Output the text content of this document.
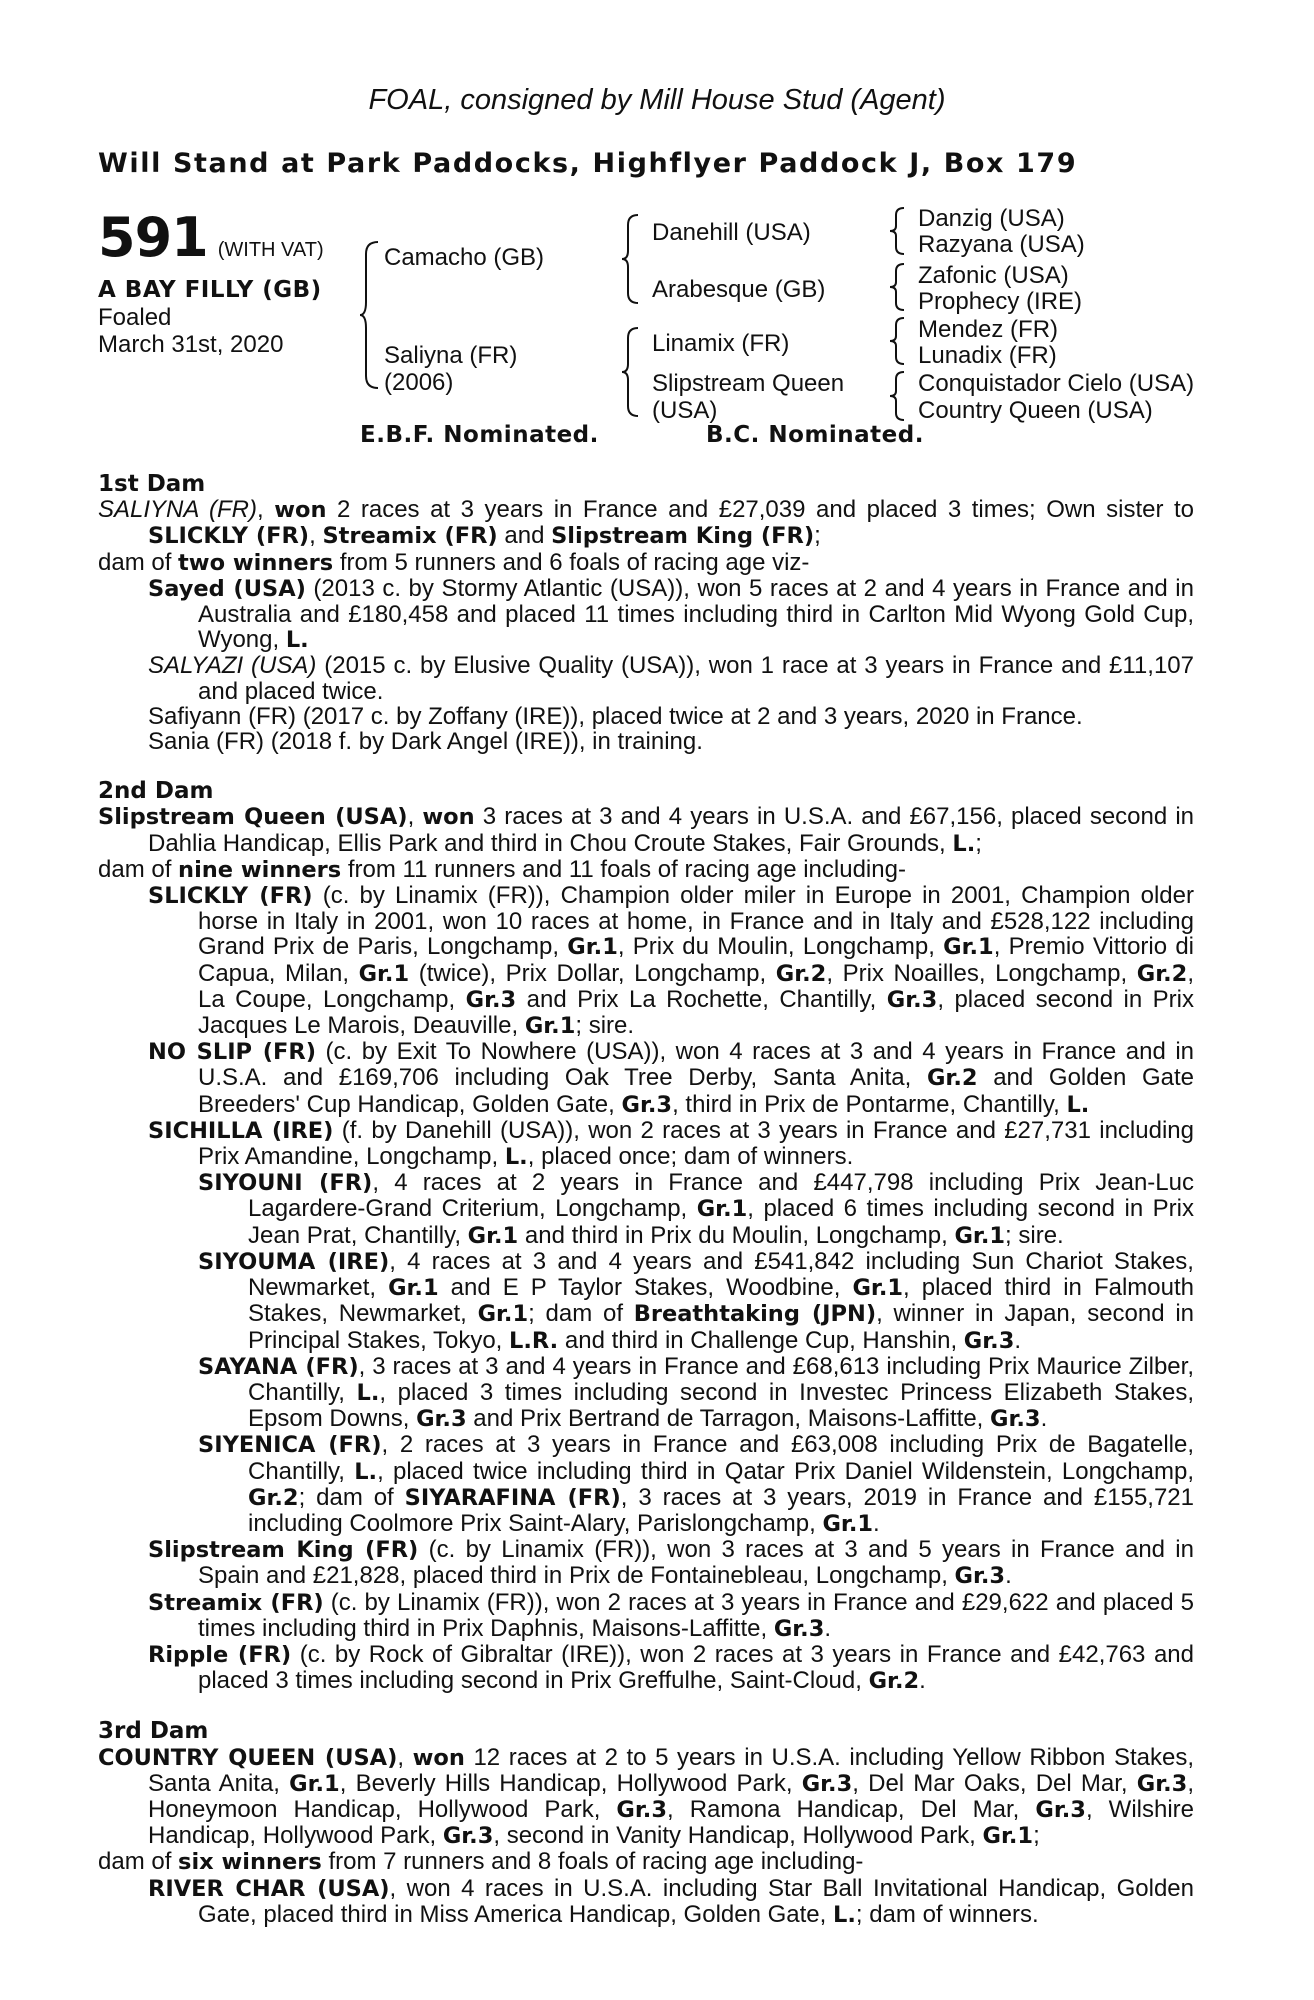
FOAL, consigned by Mill House Stud (Agent)
Will Stand at Park Paddocks, Highflyer Paddock J, Box 179
591 (WITH VAT)
A BAY FILLY (GB)
Foaled
March 31st, 2020
Camacho (GB)
Saliyna (FR)
(2006)
Danehill (USA)
Arabesque (GB)
Linamix (FR)
Slipstream Queen
(USA)
Danzig (USA)
Razyana (USA)
Zafonic (USA)
Prophecy (IRE)
Mendez (FR)
Lunadix (FR)
Conquistador Cielo (USA)
Country Queen (USA)
E.B.F. Nominated.	B.C. Nominated.

1st Dam

SALIYNA (FR), won 2 races at 3 years in France and £27,039 and placed 3 times; Own sister to SLICKLY (FR), Streamix (FR) and Slipstream King (FR);

dam of two winners from 5 runners and 6 foals of racing age viz-

Sayed (USA) (2013 c. by Stormy Atlantic (USA)), won 5 races at 2 and 4 years in France and in Australia and £180,458 and placed 11 times including third in Carlton Mid Wyong Gold Cup, Wyong, L.

SALYAZI (USA) (2015 c. by Elusive Quality (USA)), won 1 race at 3 years in France and £11,107 and placed twice.

Safiyann (FR) (2017 c. by Zoffany (IRE)), placed twice at 2 and 3 years, 2020 in France.

Sania (FR) (2018 f. by Dark Angel (IRE)), in training.

2nd Dam

Slipstream Queen (USA), won 3 races at 3 and 4 years in U.S.A. and £67,156, placed second in Dahlia Handicap, Ellis Park and third in Chou Croute Stakes, Fair Grounds, L.;

dam of nine winners from 11 runners and 11 foals of racing age including-

SLICKLY (FR) (c. by Linamix (FR)), Champion older miler in Europe in 2001, Champion older horse in Italy in 2001, won 10 races at home, in France and in Italy and £528,122 including Grand Prix de Paris, Longchamp, Gr.1, Prix du Moulin, Longchamp, Gr.1, Premio Vittorio di Capua, Milan, Gr.1 (twice), Prix Dollar, Longchamp, Gr.2, Prix Noailles, Longchamp, Gr.2, La Coupe, Longchamp, Gr.3 and Prix La Rochette, Chantilly, Gr.3, placed second in Prix Jacques Le Marois, Deauville, Gr.1; sire.

NO SLIP (FR) (c. by Exit To Nowhere (USA)), won 4 races at 3 and 4 years in France and in U.S.A. and £169,706 including Oak Tree Derby, Santa Anita, Gr.2 and Golden Gate Breeders' Cup Handicap, Golden Gate, Gr.3, third in Prix de Pontarme, Chantilly, L.

SICHILLA (IRE) (f. by Danehill (USA)), won 2 races at 3 years in France and £27,731 including Prix Amandine, Longchamp, L., placed once; dam of winners.

SIYOUNI (FR), 4 races at 2 years in France and £447,798 including Prix Jean-Luc Lagardere-Grand Criterium, Longchamp, Gr.1, placed 6 times including second in Prix Jean Prat, Chantilly, Gr.1 and third in Prix du Moulin, Longchamp, Gr.1; sire.

SIYOUMA (IRE), 4 races at 3 and 4 years and £541,842 including Sun Chariot Stakes, Newmarket, Gr.1 and E P Taylor Stakes, Woodbine, Gr.1, placed third in Falmouth Stakes, Newmarket, Gr.1; dam of Breathtaking (JPN), winner in Japan, second in Principal Stakes, Tokyo, L.R. and third in Challenge Cup, Hanshin, Gr.3.

SAYANA (FR), 3 races at 3 and 4 years in France and £68,613 including Prix Maurice Zilber, Chantilly, L., placed 3 times including second in Investec Princess Elizabeth Stakes, Epsom Downs, Gr.3 and Prix Bertrand de Tarragon, Maisons-Laffitte, Gr.3.

SIYENICA (FR), 2 races at 3 years in France and £63,008 including Prix de Bagatelle, Chantilly, L., placed twice including third in Qatar Prix Daniel Wildenstein, Longchamp, Gr.2; dam of SIYARAFINA (FR), 3 races at 3 years, 2019 in France and £155,721 including Coolmore Prix Saint-Alary, Parislongchamp, Gr.1.

Slipstream King (FR) (c. by Linamix (FR)), won 3 races at 3 and 5 years in France and in Spain and £21,828, placed third in Prix de Fontainebleau, Longchamp, Gr.3.

Streamix (FR) (c. by Linamix (FR)), won 2 races at 3 years in France and £29,622 and placed 5 times including third in Prix Daphnis, Maisons-Laffitte, Gr.3.

Ripple (FR) (c. by Rock of Gibraltar (IRE)), won 2 races at 3 years in France and £42,763 and placed 3 times including second in Prix Greffulhe, Saint-Cloud, Gr.2.

3rd Dam

COUNTRY QUEEN (USA), won 12 races at 2 to 5 years in U.S.A. including Yellow Ribbon Stakes, Santa Anita, Gr.1, Beverly Hills Handicap, Hollywood Park, Gr.3, Del Mar Oaks, Del Mar, Gr.3, Honeymoon Handicap, Hollywood Park, Gr.3, Ramona Handicap, Del Mar, Gr.3, Wilshire Handicap, Hollywood Park, Gr.3, second in Vanity Handicap, Hollywood Park, Gr.1;

dam of six winners from 7 runners and 8 foals of racing age including-

RIVER CHAR (USA), won 4 races in U.S.A. including Star Ball Invitational Handicap, Golden Gate, placed third in Miss America Handicap, Golden Gate, L.; dam of winners.
